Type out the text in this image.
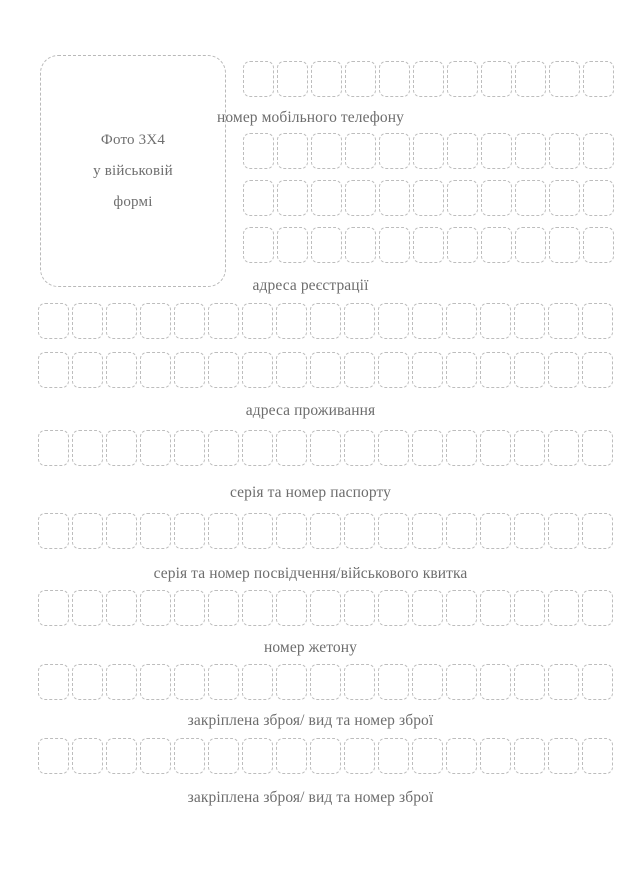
Фото 3Х4
у військовій
формі
номер мобільного телефону
адреса реєстрації
адреса проживання
серія та номер паспорту
серія та номер посвідчення/військового квитка
номер жетону
закріплена зброя/ вид та номер зброї
закріплена зброя/ вид та номер зброї
